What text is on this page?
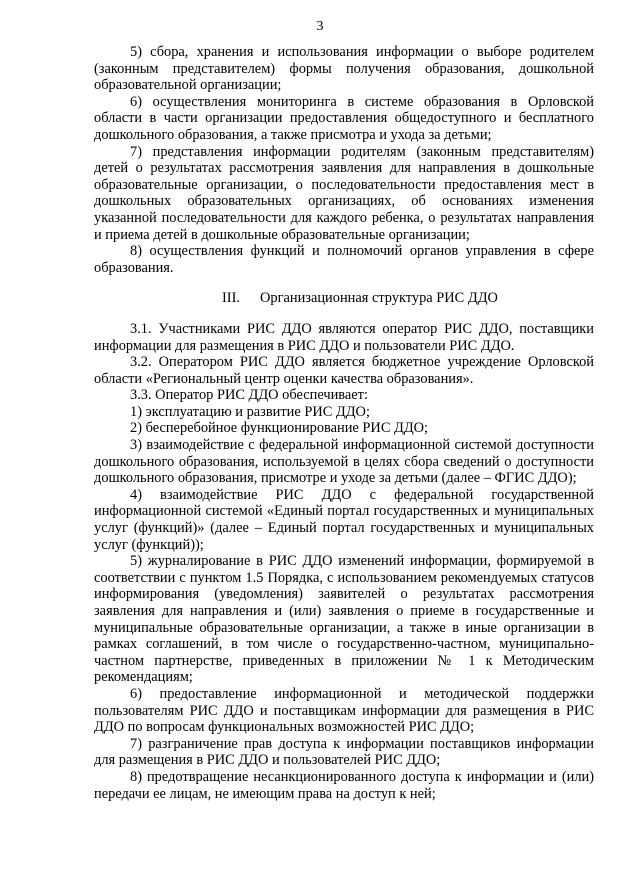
3

5) сбора, хранения и использования информации о выборе родителем (законным представителем) формы получения образования, дошкольной образовательной организации;

6) осуществления мониторинга в системе образования в Орловской области в части организации предоставления общедоступного и бесплатного дошкольного образования, а также присмотра и ухода за детьми;

7) представления информации родителям (законным представителям) детей о результатах рассмотрения заявления для направления в дошкольные образовательные организации, о последовательности предоставления мест в дошкольных образовательных организациях, об основаниях изменения указанной последовательности для каждого ребенка, о результатах направления и приема детей в дошкольные образовательные организации;

8) осуществления функций и полномочий органов управления в сфере образования.

III. Организационная структура РИС ДДО

3.1. Участниками РИС ДДО являются оператор РИС ДДО, поставщики информации для размещения в РИС ДДО и пользователи РИС ДДО.

3.2. Оператором РИС ДДО является бюджетное учреждение Орловской области «Региональный центр оценки качества образования».

3.3. Оператор РИС ДДО обеспечивает:

1) эксплуатацию и развитие РИС ДДО;

2) бесперебойное функционирование РИС ДДО;

3) взаимодействие с федеральной информационной системой доступности дошкольного образования, используемой в целях сбора сведений о доступности дошкольного образования, присмотре и уходе за детьми (далее – ФГИС ДДО);

4) взаимодействие РИС ДДО с федеральной государственной информационной системой «Единый портал государственных и муниципальных услуг (функций)» (далее – Единый портал государственных и муниципальных услуг (функций));

5) журналирование в РИС ДДО изменений информации, формируемой в соответствии с пунктом 1.5 Порядка, с использованием рекомендуемых статусов информирования (уведомления) заявителей о результатах рассмотрения заявления для направления и (или) заявления о приеме в государственные и муниципальные образовательные организации, а также в иные организации в рамках соглашений, в том числе о государственно-частном, муниципально-частном партнерстве, приведенных в приложении № 1 к Методическим рекомендациям;

6) предоставление информационной и методической поддержки пользователям РИС ДДО и поставщикам информации для размещения в РИС ДДО по вопросам функциональных возможностей РИС ДДО;

7) разграничение прав доступа к информации поставщиков информации для размещения в РИС ДДО и пользователей РИС ДДО;

8) предотвращение несанкционированного доступа к информации и (или) передачи ее лицам, не имеющим права на доступ к ней;
